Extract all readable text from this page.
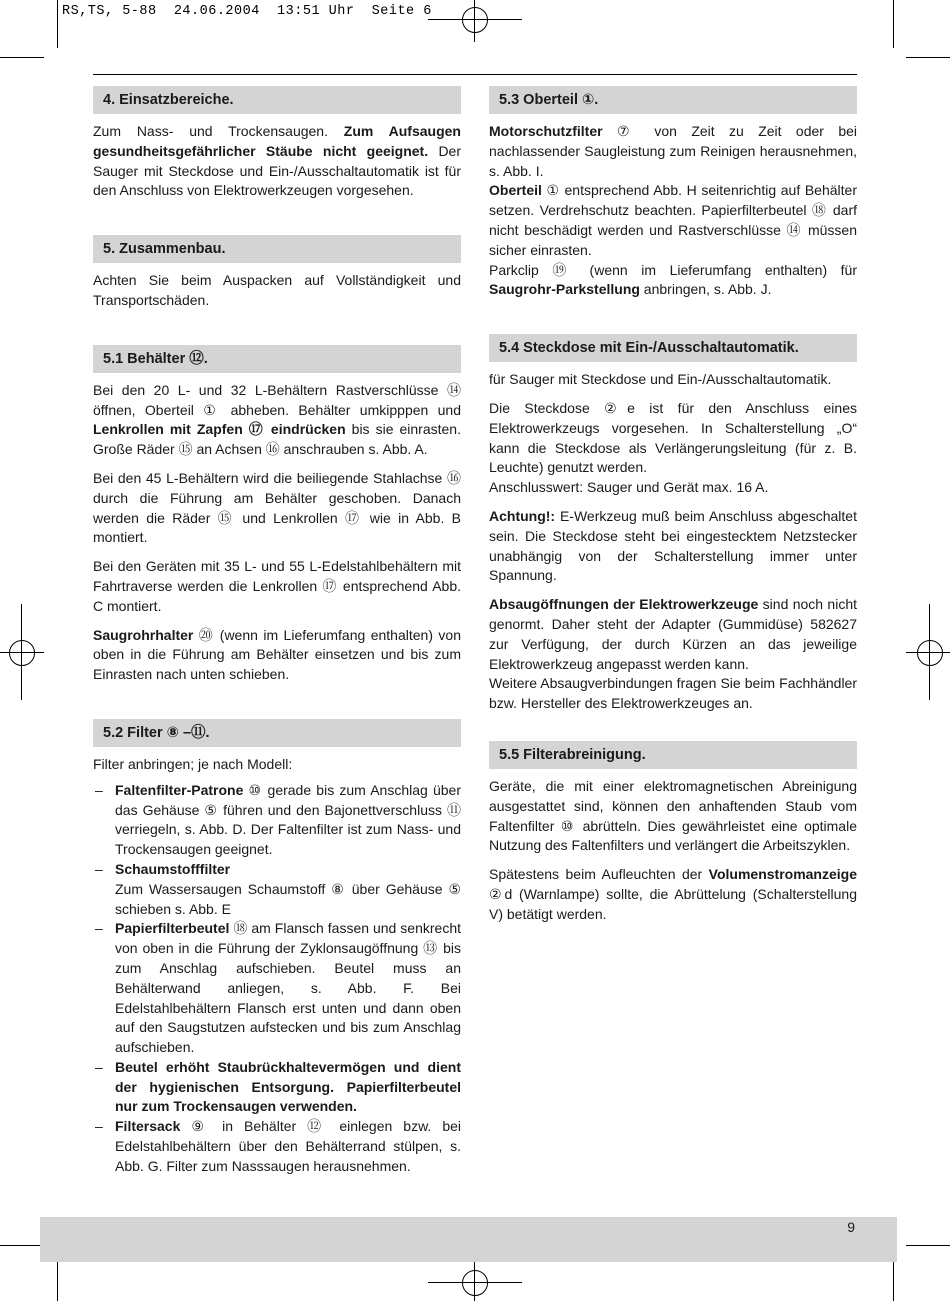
RS,TS, 5-88  24.06.2004  13:51 Uhr  Seite 6
4. Einsatzbereiche.

Zum Nass- und Trockensaugen. Zum Aufsaugen gesundheitsgefährlicher Stäube nicht geeignet. Der Sauger mit Steckdose und Ein-/Ausschaltautomatik ist für den Anschluss von Elektrowerkzeugen vorgesehen.

5. Zusammenbau.

Achten Sie beim Auspacken auf Vollständigkeit und Transportschäden.

5.1 Behälter ⑫.

Bei den 20 L- und 32 L-Behältern Rastverschlüsse ⑭ öffnen, Oberteil ① abheben. Behälter umkipppen und Lenkrollen mit Zapfen ⑰ eindrücken bis sie einrasten. Große Räder ⑮ an Achsen ⑯ anschrauben s. Abb. A.

Bei den 45 L-Behältern wird die beiliegende Stahlachse ⑯ durch die Führung am Behälter geschoben. Danach werden die Räder ⑮ und Lenkrollen ⑰ wie in Abb. B montiert.

Bei den Geräten mit 35 L- und 55 L-Edelstahlbehältern mit Fahrtraverse werden die Lenkrollen ⑰ entsprechend Abb. C montiert.

Saugrohrhalter ⑳ (wenn im Lieferumfang enthalten) von oben in die Führung am Behälter einsetzen und bis zum Einrasten nach unten schieben.

5.2 Filter ⑧ –⑪.

Filter anbringen; je nach Modell:

– Faltenfilter-Patrone ⑩ gerade bis zum Anschlag über das Gehäuse ⑤ führen und den Bajonettverschluss ⑪ verriegeln, s. Abb. D. Der Faltenfilter ist zum Nass- und Trockensaugen geeignet.
– Schaumstofffilter
Zum Wassersaugen Schaumstoff ⑧ über Gehäuse ⑤ schieben s. Abb. E
– Papierfilterbeutel ⑱ am Flansch fassen und senkrecht von oben in die Führung der Zyklonsaugöffnung ⑬ bis zum Anschlag aufschieben. Beutel muss an Behälterwand anliegen, s. Abb. F. Bei Edelstahlbehältern Flansch erst unten und dann oben auf den Saugstutzen aufstecken und bis zum Anschlag aufschieben.
– Beutel erhöht Staubrückhaltevermögen und dient der hygienischen Entsorgung. Papierfilterbeutel nur zum Trockensaugen verwenden.
– Filtersack ⑨ in Behälter ⑫ einlegen bzw. bei Edelstahlbehältern über den Behälterrand stülpen, s. Abb. G. Filter zum Nasssaugen herausnehmen.
5.3 Oberteil ①.

Motorschutzfilter ⑦ von Zeit zu Zeit oder bei nachlassender Saugleistung zum Reinigen herausnehmen, s. Abb. I.

Oberteil ① entsprechend Abb. H seitenrichtig auf Behälter setzen. Verdrehschutz beachten. Papierfilterbeutel ⑱ darf nicht beschädigt werden und Rastverschlüsse ⑭ müssen sicher einrasten.

Parkclip ⑲ (wenn im Lieferumfang enthalten) für Saugrohr-Parkstellung anbringen, s. Abb. J.

5.4 Steckdose mit Ein-/Ausschaltautomatik.

für Sauger mit Steckdose und Ein-/Ausschaltautomatik.

Die Steckdose ②e ist für den Anschluss eines Elektrowerkzeugs vorgesehen. In Schalterstellung „O“ kann die Steckdose als Verlängerungsleitung (für z. B. Leuchte) genutzt werden.

Anschlusswert: Sauger und Gerät max. 16 A.

Achtung!: E-Werkzeug muß beim Anschluss abgeschaltet sein. Die Steckdose steht bei eingestecktem Netzstecker unabhängig von der Schalterstellung immer unter Spannung.

Absaugöffnungen der Elektrowerkzeuge sind noch nicht genormt. Daher steht der Adapter (Gummidüse) 582627 zur Verfügung, der durch Kürzen an das jeweilige Elektrowerkzeug angepasst werden kann.

Weitere Absaugverbindungen fragen Sie beim Fachhändler bzw. Hersteller des Elektrowerkzeuges an.

5.5 Filterabreinigung.

Geräte, die mit einer elektromagnetischen Abreinigung ausgestattet sind, können den anhaftenden Staub vom Faltenfilter ⑩ abrütteln. Dies gewährleistet eine optimale Nutzung des Faltenfilters und verlängert die Arbeitszyklen.

Spätestens beim Aufleuchten der Volumenstromanzeige ②d (Warnlampe) sollte, die Abrüttelung (Schalterstellung V) betätigt werden.

9
